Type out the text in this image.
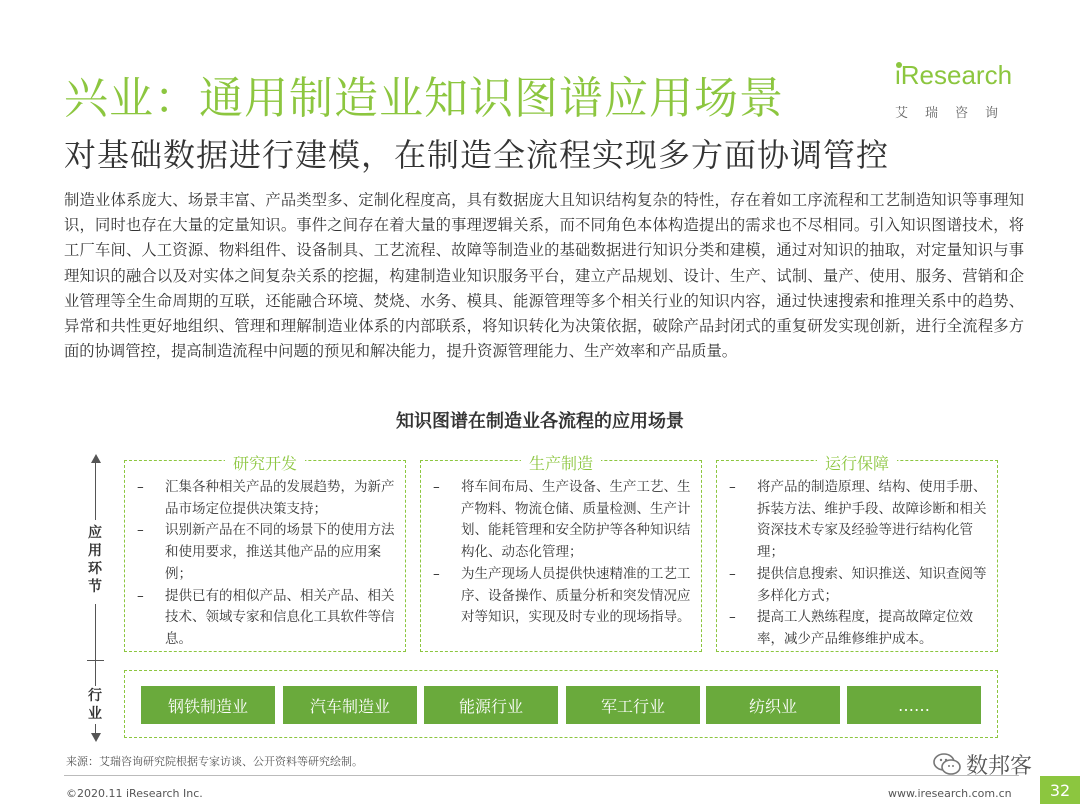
兴业：通用制造业知识图谱应用场景
对基础数据进行建模，在制造全流程实现多方面协调管控
iResearch
艾瑞咨询
制造业体系庞大、场景丰富、产品类型多、定制化程度高，具有数据庞大且知识结构复杂的特性，存在着如工序流程和工艺制造知识等事理知识，同时也存在大量的定量知识。事件之间存在着大量的事理逻辑关系，而不同角色本体构造提出的需求也不尽相同。引入知识图谱技术，将工厂车间、人工资源、物料组件、设备制具、工艺流程、故障等制造业的基础数据进行知识分类和建模，通过对知识的抽取，对定量知识与事理知识的融合以及对实体之间复杂关系的挖掘，构建制造业知识服务平台，建立产品规划、设计、生产、试制、量产、使用、服务、营销和企业管理等全生命周期的互联，还能融合环境、焚烧、水务、模具、能源管理等多个相关行业的知识内容，通过快速搜索和推理关系中的趋势、异常和共性更好地组织、管理和理解制造业体系的内部联系，将知识转化为决策依据，破除产品封闭式的重复研发实现创新，进行全流程多方面的协调管控，提高制造流程中问题的预见和解决能力，提升资源管理能力、生产效率和产品质量。
知识图谱在制造业各流程的应用场景
应用环节
行业
研究开发
–	汇集各种相关产品的发展趋势，为新产品市场定位提供决策支持；
–	识别新产品在不同的场景下的使用方法和使用要求，推送其他产品的应用案例；
–	提供已有的相似产品、相关产品、相关技术、领域专家和信息化工具软件等信息。
生产制造
–	将车间布局、生产设备、生产工艺、生产物料、物流仓储、质量检测、生产计划、能耗管理和安全防护等各种知识结构化、动态化管理；
–	为生产现场人员提供快速精准的工艺工序、设备操作、质量分析和突发情况应对等知识，实现及时专业的现场指导。
运行保障
–	将产品的制造原理、结构、使用手册、拆装方法、维护手段、故障诊断和相关资深技术专家及经验等进行结构化管理；
–	提供信息搜索、知识推送、知识查阅等多样化方式；
–	提高工人熟练程度，提高故障定位效率，减少产品维修维护成本。
钢铁制造业	汽车制造业	能源行业	军工行业	纺织业	……
来源：艾瑞咨询研究院根据专家访谈、公开资料等研究绘制。
©2020.11 iResearch Inc.	www.iresearch.com.cn	32
数邦客
